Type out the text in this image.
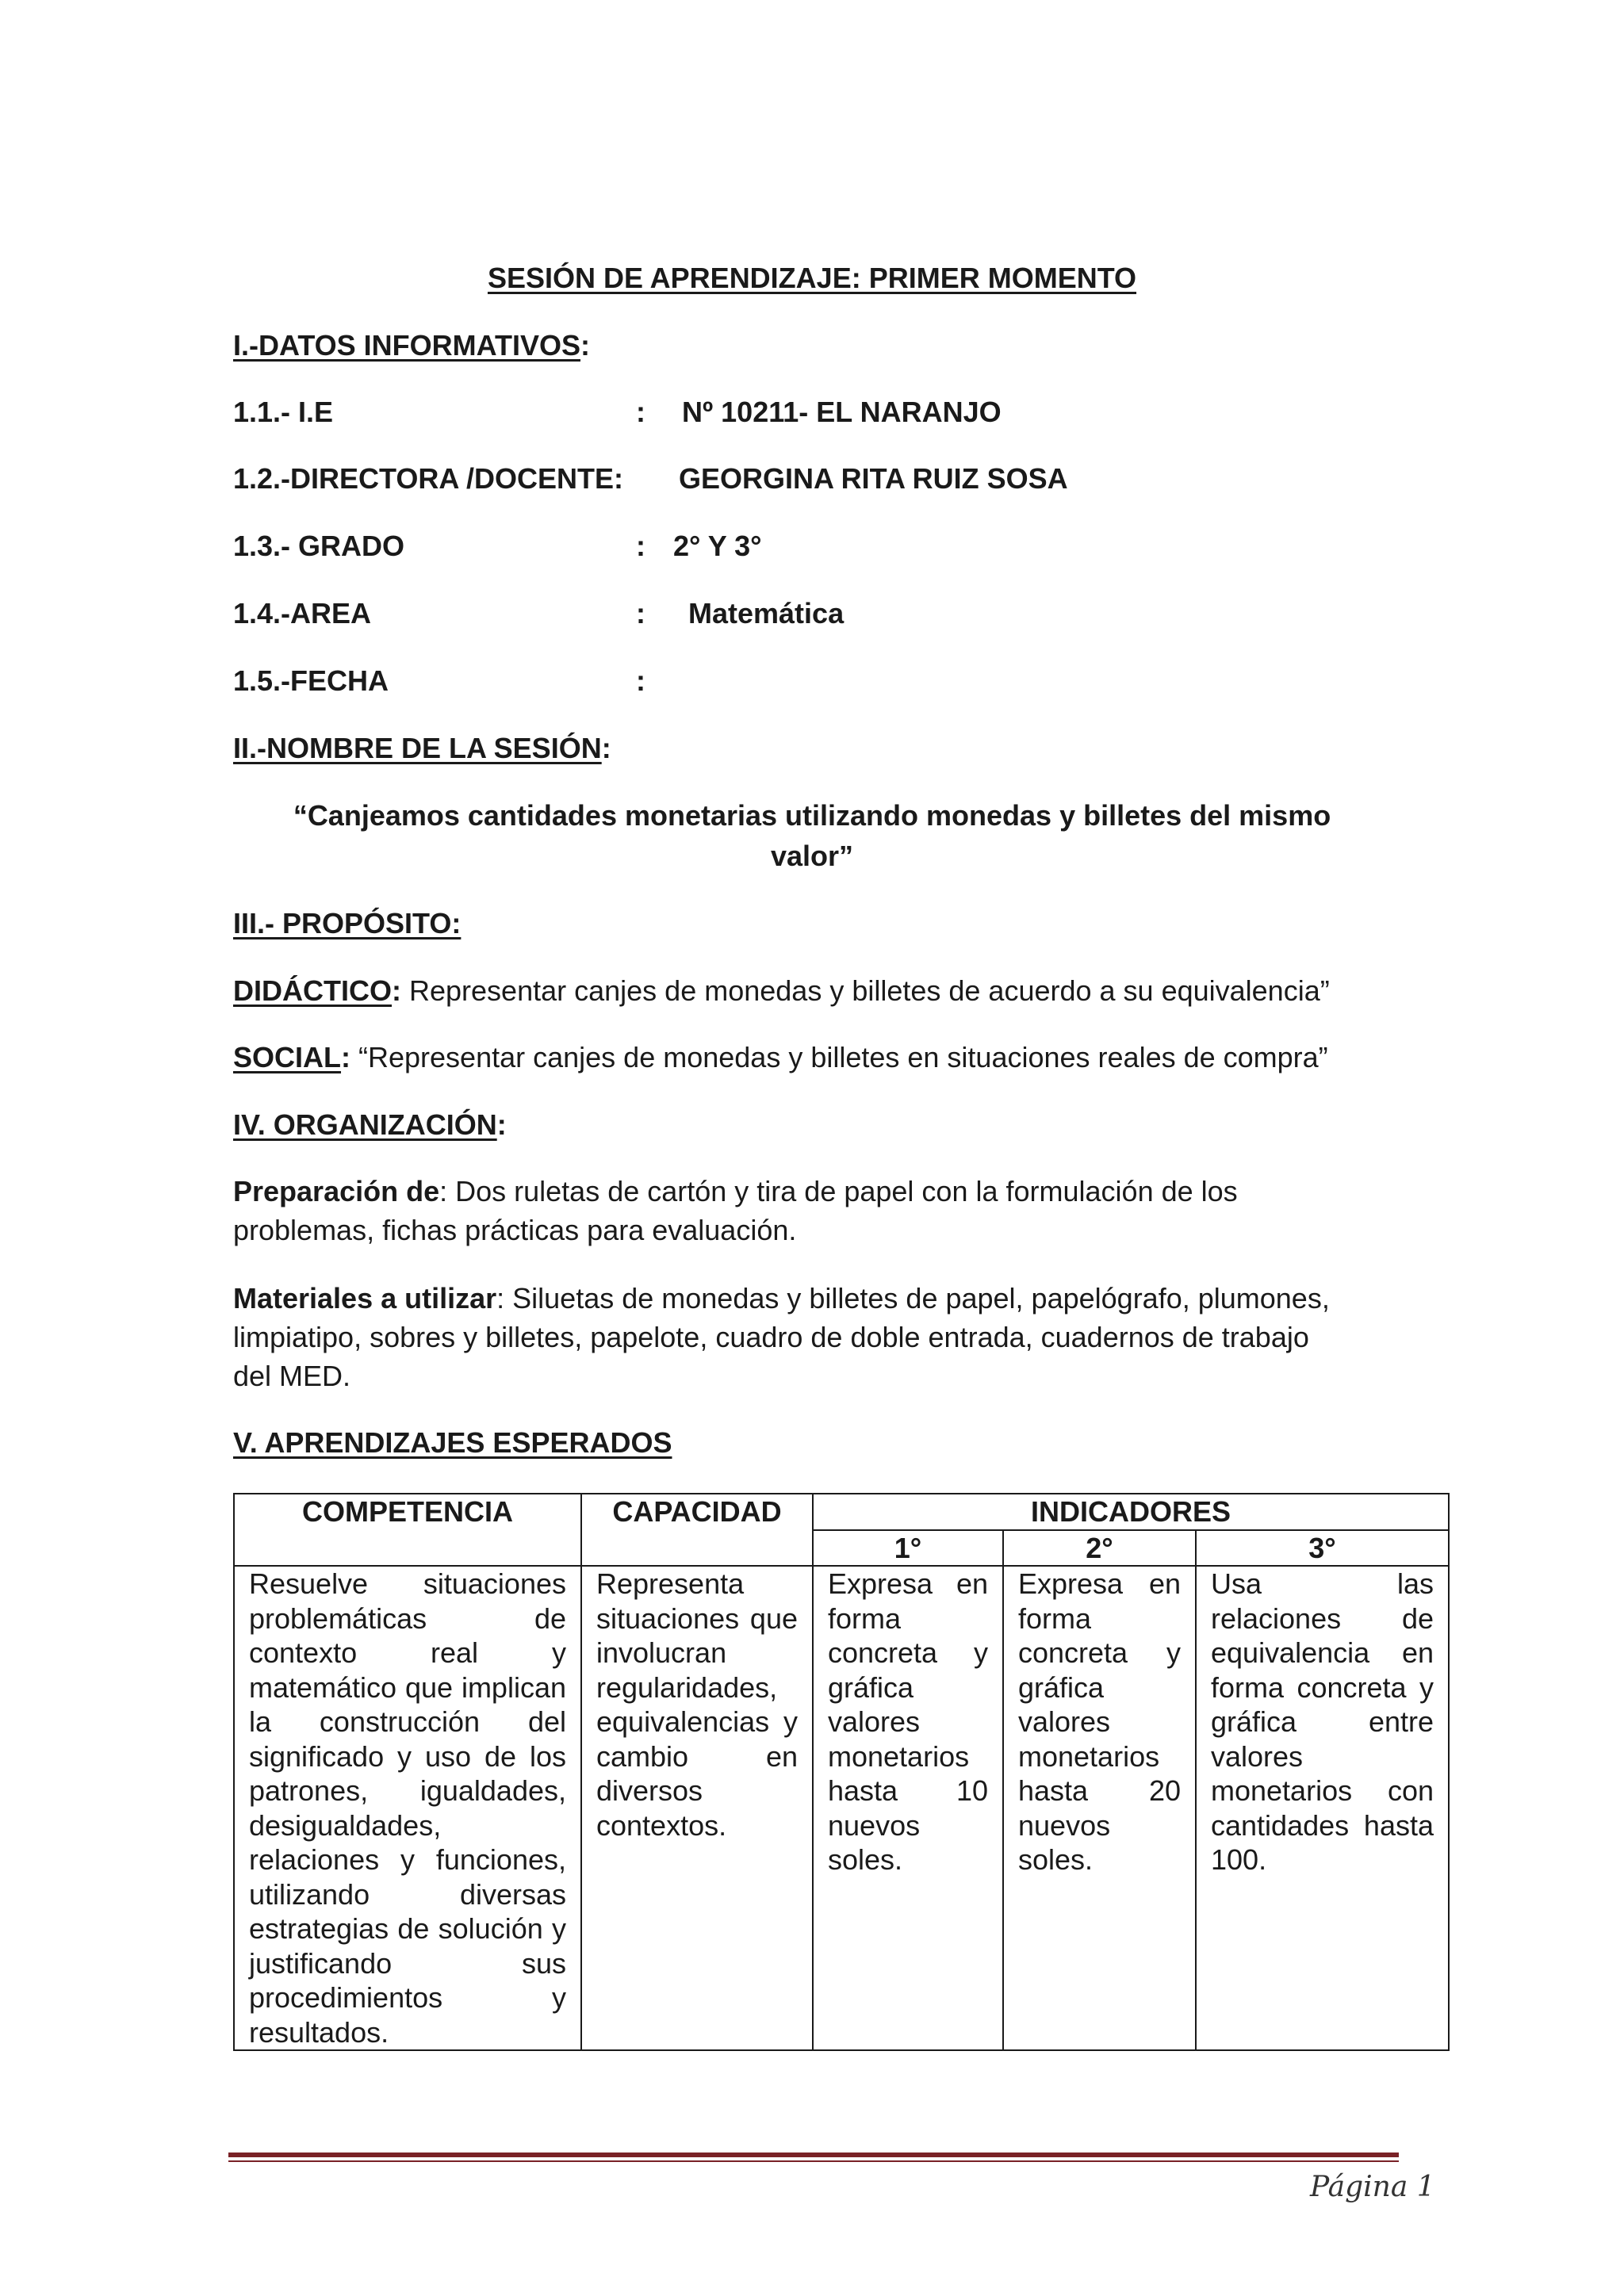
SESIÓN DE APRENDIZAJE: PRIMER MOMENTO
I.-DATOS INFORMATIVOS:
1.1.- I.E	: Nº 10211- EL NARANJO
1.2.-DIRECTORA /DOCENTE: GEORGINA RITA RUIZ SOSA
1.3.- GRADO	: 2° Y 3°
1.4.-AREA	: Matemática
1.5.-FECHA	:
II.-NOMBRE DE LA SESIÓN:
“Canjeamos cantidades monetarias utilizando monedas y billetes del mismo
valor”
III.- PROPÓSITO:
DIDÁCTICO: Representar canjes de monedas y billetes de acuerdo a su equivalencia”
SOCIAL: “Representar canjes de monedas y billetes en situaciones reales de compra”
IV. ORGANIZACIÓN:
Preparación de: Dos ruletas de cartón y tira de papel con la formulación de los
problemas, fichas prácticas para evaluación.
Materiales a utilizar: Siluetas de monedas y billetes de papel, papelógrafo, plumones,
limpiatipo, sobres y billetes, papelote, cuadro de doble entrada, cuadernos de trabajo
del MED.
V. APRENDIZAJES ESPERADOS
COMPETENCIA	CAPACIDAD	INDICADORES		
		1°	2°	3°
Resuelve situaciones problemáticas de contexto real y matemático que implican la construcción del significado y uso de los patrones, igualdades, desigualdades, relaciones y funciones, utilizando diversas estrategias de solución y justificando sus procedimientos y resultados.	Representa situaciones que involucran regularidades, equivalencias y cambio en diversos contextos.	Expresa en forma concreta y gráfica valores monetarios hasta 10 nuevos soles.	Expresa en forma concreta y gráfica valores monetarios hasta 20 nuevos soles.	Usa las relaciones de equivalencia en forma concreta y gráfica entre valores monetarios con cantidades hasta 100.
Página 1
